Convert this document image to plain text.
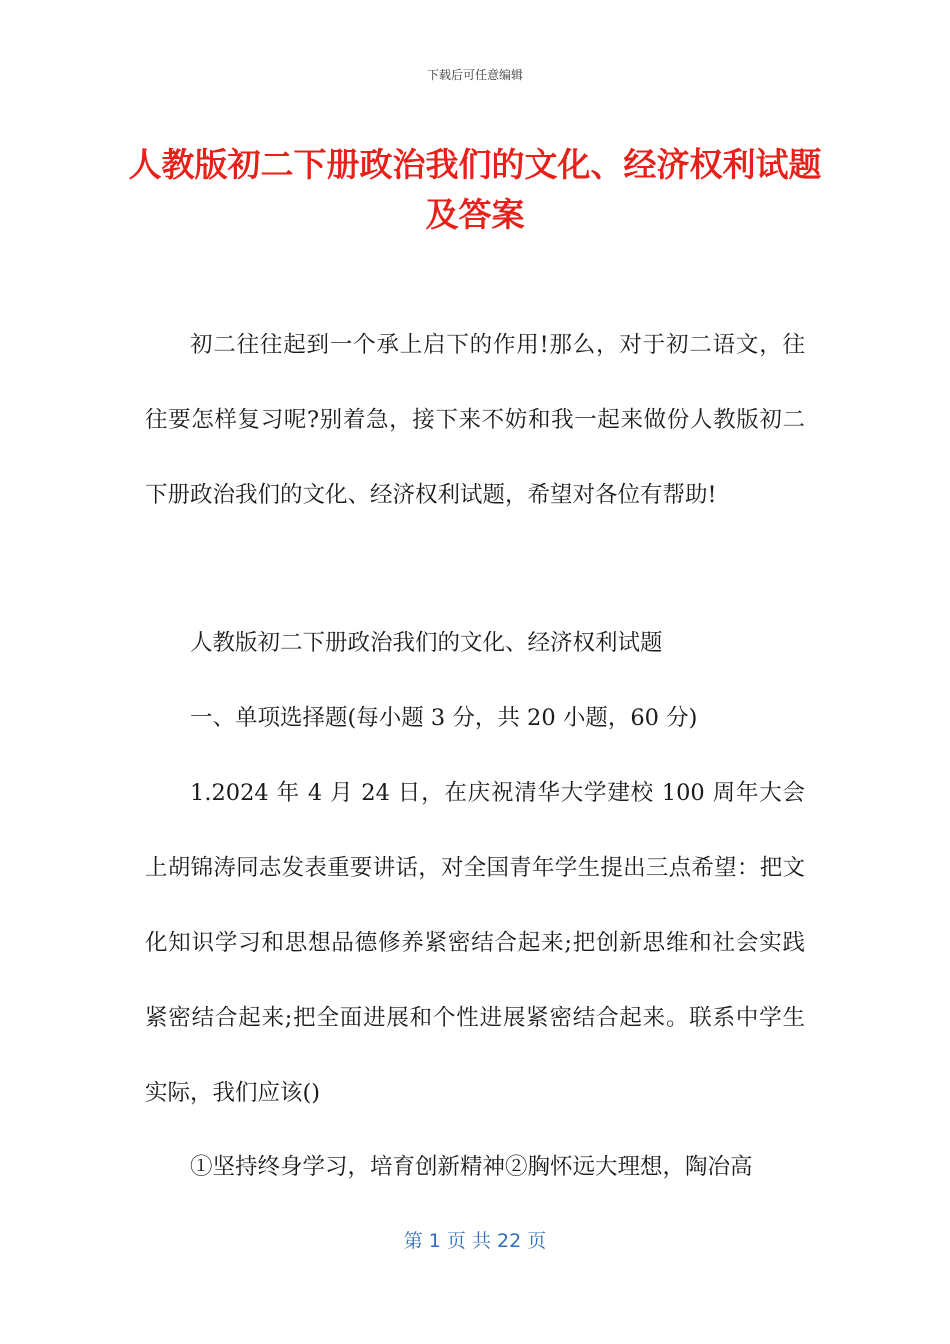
下载后可任意编辑
人教版初二下册政治我们的文化、经济权利试题及答案

初二往往起到一个承上启下的作用!那么，对于初二语文，往往要怎样复习呢?别着急，接下来不妨和我一起来做份人教版初二下册政治我们的文化、经济权利试题，希望对各位有帮助!

人教版初二下册政治我们的文化、经济权利试题

一、单项选择题(每小题 3 分，共 20 小题，60 分)

1.2024 年 4 月 24 日，在庆祝清华大学建校 100 周年大会上胡锦涛同志发表重要讲话，对全国青年学生提出三点希望：把文化知识学习和思想品德修养紧密结合起来;把创新思维和社会实践紧密结合起来;把全面进展和个性进展紧密结合起来。联系中学生实际，我们应该()

①坚持终身学习，培育创新精神②胸怀远大理想，陶冶高

第 1 页 共 22 页
